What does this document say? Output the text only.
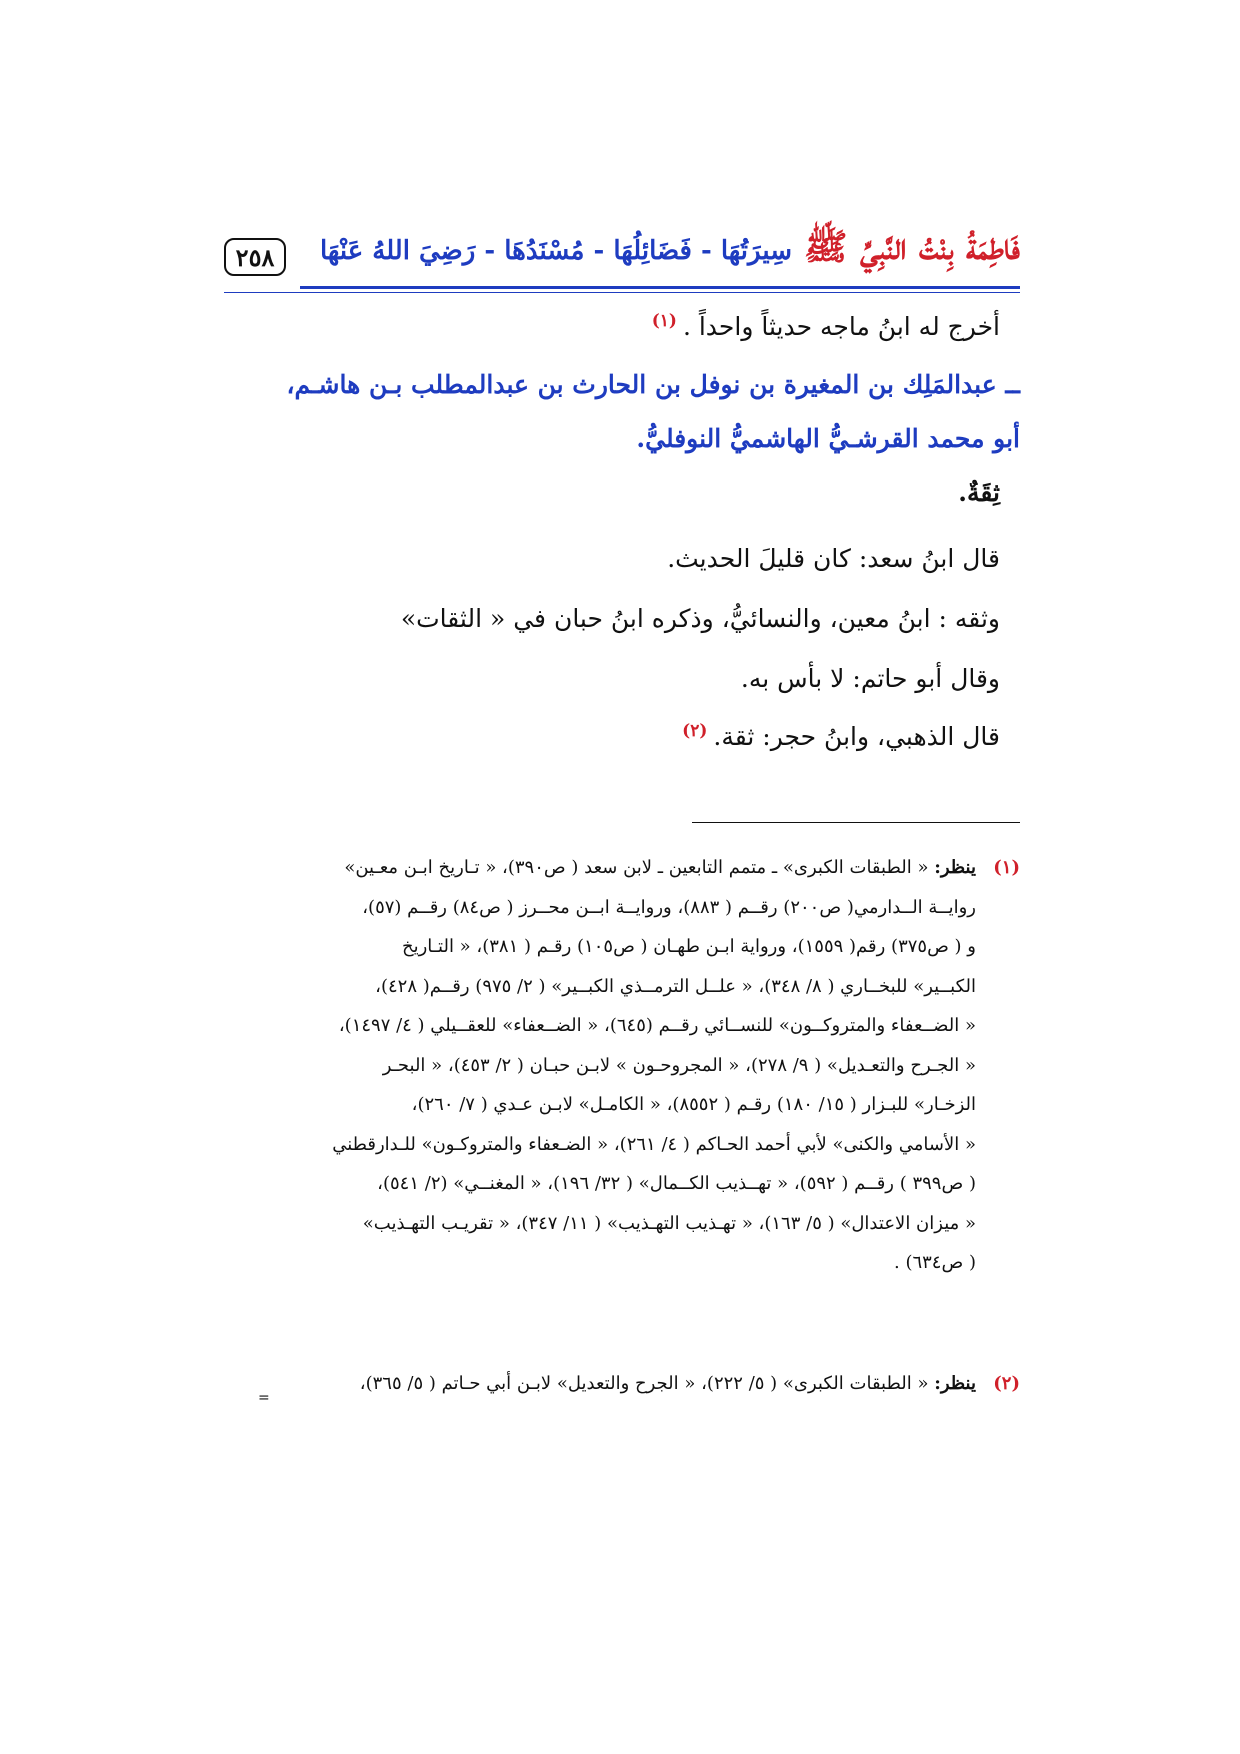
٢٥٨	فَاطِمَةُ بِنْتُ النَّبِيِّ ﷺ
سِيرَتُهَا - فَضَائِلُهَا - مُسْنَدُهَا - رَضِيَ اللهُ عَنْهَا
أخرج له ابنُ ماجه حديثاً واحداً .$^{(١)}$
ــ عبدالمَلِك بن المغيرة بن نوفل بن الحارث بن عبدالمطلب بـن هاشـم،
أبو محمد القرشـيُّ الهاشميُّ النوفليُّ.
ثِقَةٌ.
قال ابنُ سعد: كان قليلَ الحديث.
وثقه : ابنُ معين، والنسائيُّ، وذكره ابنُ حبان في « الثقات»
وقال أبو حاتم: لا بأس به.
قال الذهبي، وابنُ حجر: ثقة.$^{(٢)}$
(١)ينظر: « الطبقات الكبرى» ـ متمم التابعين ـ لابن سعد ( ص٣٩٠)، « تـاريخ ابـن معـين»
روايــة الــدارمي( ص٢٠٠) رقــم ( ٨٨٣)، وروايــة ابــن محــرز ( ص٨٤) رقــم (٥٧)،
و ( ص٣٧٥) رقم( ١٥٥٩)، ورواية ابـن طهـان ( ص١٠٥) رقـم ( ٣٨١)، « التـاريخ
الكبــير» للبخــاري ( ٨/ ٣٤٨)، « علــل الترمــذي الكبــير» ( ٢/ ٩٧٥) رقــم( ٤٢٨)،
« الضــعفاء والمتروكــون» للنســائي رقــم (٦٤٥)، « الضــعفاء» للعقــيلي ( ٤/ ١٤٩٧)،
« الجـرح والتعـديل» ( ٩/ ٢٧٨)، « المجروحـون » لابـن حبـان ( ٢/ ٤٥٣)، « البحـر
الزخـار» للبـزار ( ١٥/ ١٨٠) رقـم ( ٨٥٥٢)، « الكامـل» لابـن عـدي ( ٧/ ٢٦٠)،
« الأسامي والكنى» لأبي أحمد الحـاكم ( ٤/ ٢٦١)، « الضـعفاء والمتروكـون» للـدارقطني
( ص٣٩٩ ) رقــم ( ٥٩٢)، « تهــذيب الكــمال» ( ٣٢/ ١٩٦)، « المغنــي» (٢/ ٥٤١)،
« ميزان الاعتدال» ( ٥/ ١٦٣)، « تهـذيب التهـذيب» ( ١١/ ٣٤٧)، « تقريـب التهـذيب»
( ص٦٣٤) .
(٢)ينظر: « الطبقات الكبرى» ( ٥/ ٢٢٢)، « الجرح والتعديل» لابـن أبي حـاتم ( ٥/ ٣٦٥)،
=
